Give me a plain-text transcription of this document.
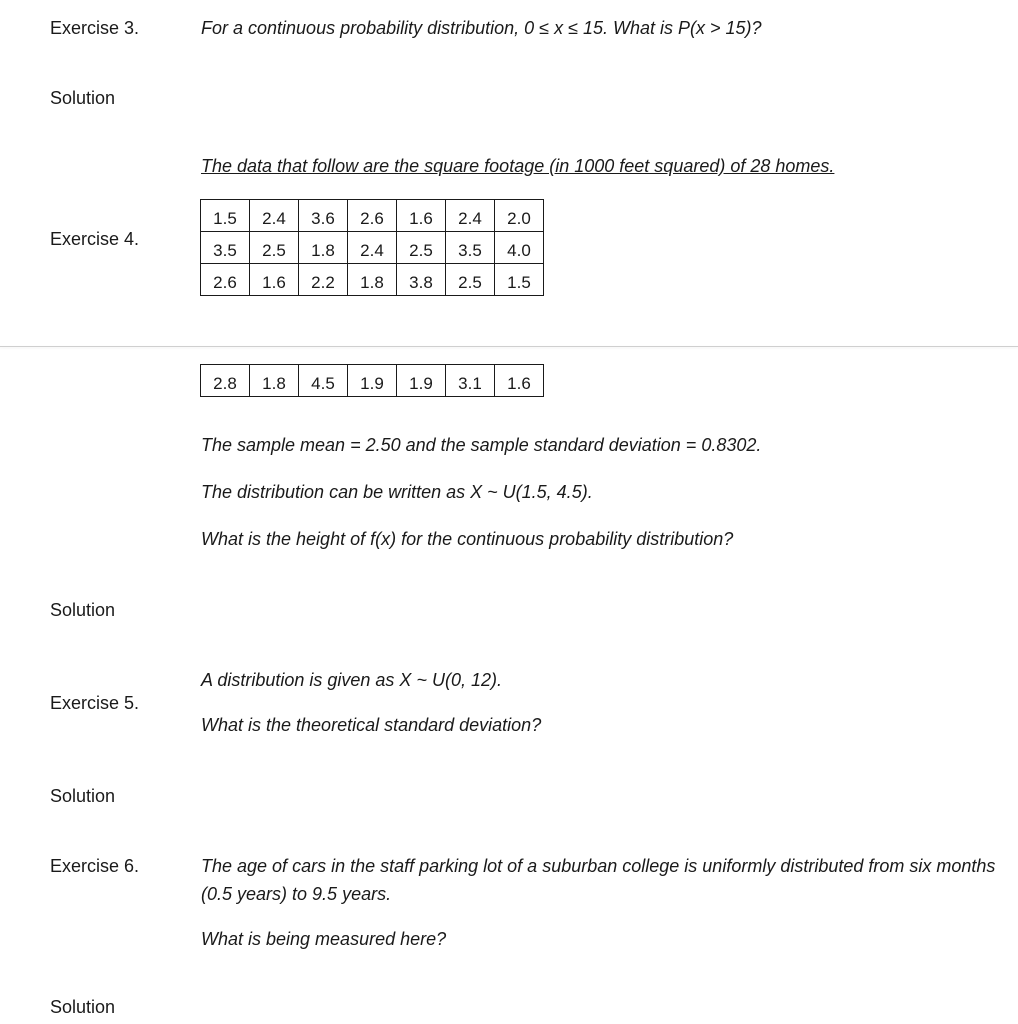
Exercise 3.	For a continuous probability distribution, 0 ≤ x ≤ 15. What is P(x > 15)?
Solution
The data that follow are the square footage (in 1000 feet squared) of 28 homes.
Exercise 4.
1.5	2.4	3.6	2.6	1.6	2.4	2.0
3.5	2.5	1.8	2.4	2.5	3.5	4.0
2.6	1.6	2.2	1.8	3.8	2.5	1.5
2.8	1.8	4.5	1.9	1.9	3.1	1.6
The sample mean = 2.50 and the sample standard deviation = 0.8302.
The distribution can be written as X ~ U(1.5, 4.5).
What is the height of f(x) for the continuous probability distribution?
Solution
A distribution is given as X ~ U(0, 12).
Exercise 5.
What is the theoretical standard deviation?
Solution
Exercise 6.	The age of cars in the staff parking lot of a suburban college is uniformly distributed from six months (0.5 years) to 9.5 years.
What is being measured here?
Solution
